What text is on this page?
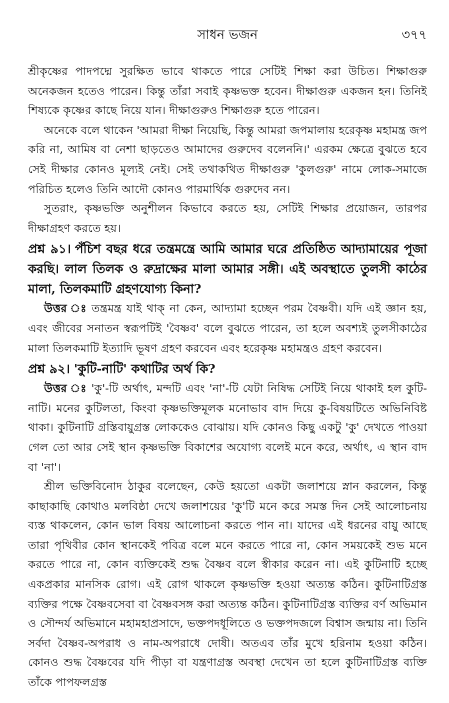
সাধন ভজন	৩৭৭

শ্রীকৃষ্ণের পাদপদ্মে সুরক্ষিত ভাবে থাকতে পারে সেটিই শিক্ষা করা উচিত। শিক্ষাগুরু অনেকজন হতেও পারেন। কিন্তু তাঁরা সবাই কৃষ্ণভক্ত হবেন। দীক্ষাগুরু একজন হন। তিনিই শিষ্যকে কৃষ্ণের কাছে নিয়ে যান। দীক্ষাগুরুও শিক্ষাগুরু হতে পারেন।

অনেকে বলে থাকেন 'আমরা দীক্ষা নিয়েছি, কিন্তু আমরা জপমালায় হরেকৃষ্ণ মহামন্ত্র জপ করি না, আমিষ বা নেশা ছাড়তেও আমাদের গুরুদেব বলেননি।' এরকম ক্ষেত্রে বুঝতে হবে সেই দীক্ষার কোনও মূল্যই নেই। সেই তথাকথিত দীক্ষাগুরু 'কুলগুরু' নামে লোক-সমাজে পরিচিত হলেও তিনি আদৌ কোনও পারমার্থিক গুরুদেব নন।

সুতরাং, কৃষ্ণভক্তি অনুশীলন কিভাবে করতে হয়, সেটিই শিক্ষার প্রয়োজন, তারপর দীক্ষাগ্রহণ করতে হয়।

প্রশ্ন ৯১। পঁচিশ বছর ধরে তন্ত্রমন্ত্রে আমি আমার ঘরে প্রতিষ্ঠিত আদ্যামায়ের পূজা করছি। লাল তিলক ও রুদ্রাক্ষের মালা আমার সঙ্গী। এই অবস্থাতে তুলসী কাঠের মালা, তিলকমাটি গ্রহণযোগ্য কিনা?

উত্তর ঃ তন্ত্রমন্ত্র যাই থাক্‌ না কেন, আদ্যামা হচ্ছেন পরম বৈষ্ণবী। যদি এই জ্ঞান হয়, এবং জীবের সনাতন স্বরূপটিই 'বৈষ্ণব' বলে বুঝতে পারেন, তা হলে অবশ্যই তুলসীকাঠের মালা তিলকমাটি ইত্যাদি ভূষণ গ্রহণ করবেন এবং হরেকৃষ্ণ মহামন্ত্রও গ্রহণ করবেন।

প্রশ্ন ৯২। 'কুটি-নাটি' কথাটির অর্থ কি?

উত্তর ঃ 'কু'-টি অর্থাৎ, মন্দটি এবং 'না'-টি যেটা নিষিদ্ধ সেটিই নিয়ে থাকাই হল কুটি-নাটি। মনের কুটিলতা, কিংবা কৃষ্ণভক্তিমূলক মনোভাব বাদ দিয়ে কু-বিষয়টিতে অভিনিবিষ্ট থাকা। কুটিনাটি গ্রস্তিবায়ুগ্রস্ত লোককেও বোঝায়। যদি কোনও কিছু একটু 'কু' দেখতে পাওয়া গেল তো আর সেই স্থান কৃষ্ণভক্তি বিকাশের অযোগ্য বলেই মনে করে, অর্থাৎ, এ স্থান বাদ বা 'না'।

শ্রীল ভক্তিবিনোদ ঠাকুর বলেছেন, কেউ হয়তো একটা জলাশয়ে স্নান করলেন, কিন্তু কাছাকাছি কোথাও মলবিষ্ঠা দেখে জলাশয়ের 'কু'টি মনে করে সমস্ত দিন সেই আলোচনায় ব্যস্ত থাকলেন, কোন ভাল বিষয় আলোচনা করতে পান না। যাদের এই ধরনের বায়ু আছে তারা পৃথিবীর কোন স্থানকেই পবিত্র বলে মনে করতে পারে না, কোন সময়কেই শুভ মনে করতে পারে না, কোন ব্যক্তিকেই শুদ্ধ বৈষ্ণব বলে স্বীকার করেন না। এই কুটিনাটি হচ্ছে একপ্রকার মানসিক রোগ। এই রোগ থাকলে কৃষ্ণভক্তি হওয়া অত্যন্ত কঠিন। কুটিনাটিগ্রস্ত ব্যক্তির পক্ষে বৈষ্ণবসেবা বা বৈষ্ণবসঙ্গ করা অত্যন্ত কঠিন। কুটিনাটিগ্রস্ত ব্যক্তির বর্ণ অভিমান ও সৌন্দর্য অভিমানে মহামহাপ্রসাদে, ভক্তপদধূলিতে ও ভক্তপদজলে বিশ্বাস জন্মায় না। তিনি সর্বদা বৈষ্ণব-অপরাধ ও নাম-অপরাধে দোষী। অতএব তাঁর মুখে হরিনাম হওয়া কঠিন। কোনও শুদ্ধ বৈষ্ণবের যদি পীড়া বা যন্ত্রণাগ্রস্ত অবস্থা দেখেন তা হলে কুটিনাটিগ্রস্ত ব্যক্তি তাঁকে পাপফলগ্রস্ত
